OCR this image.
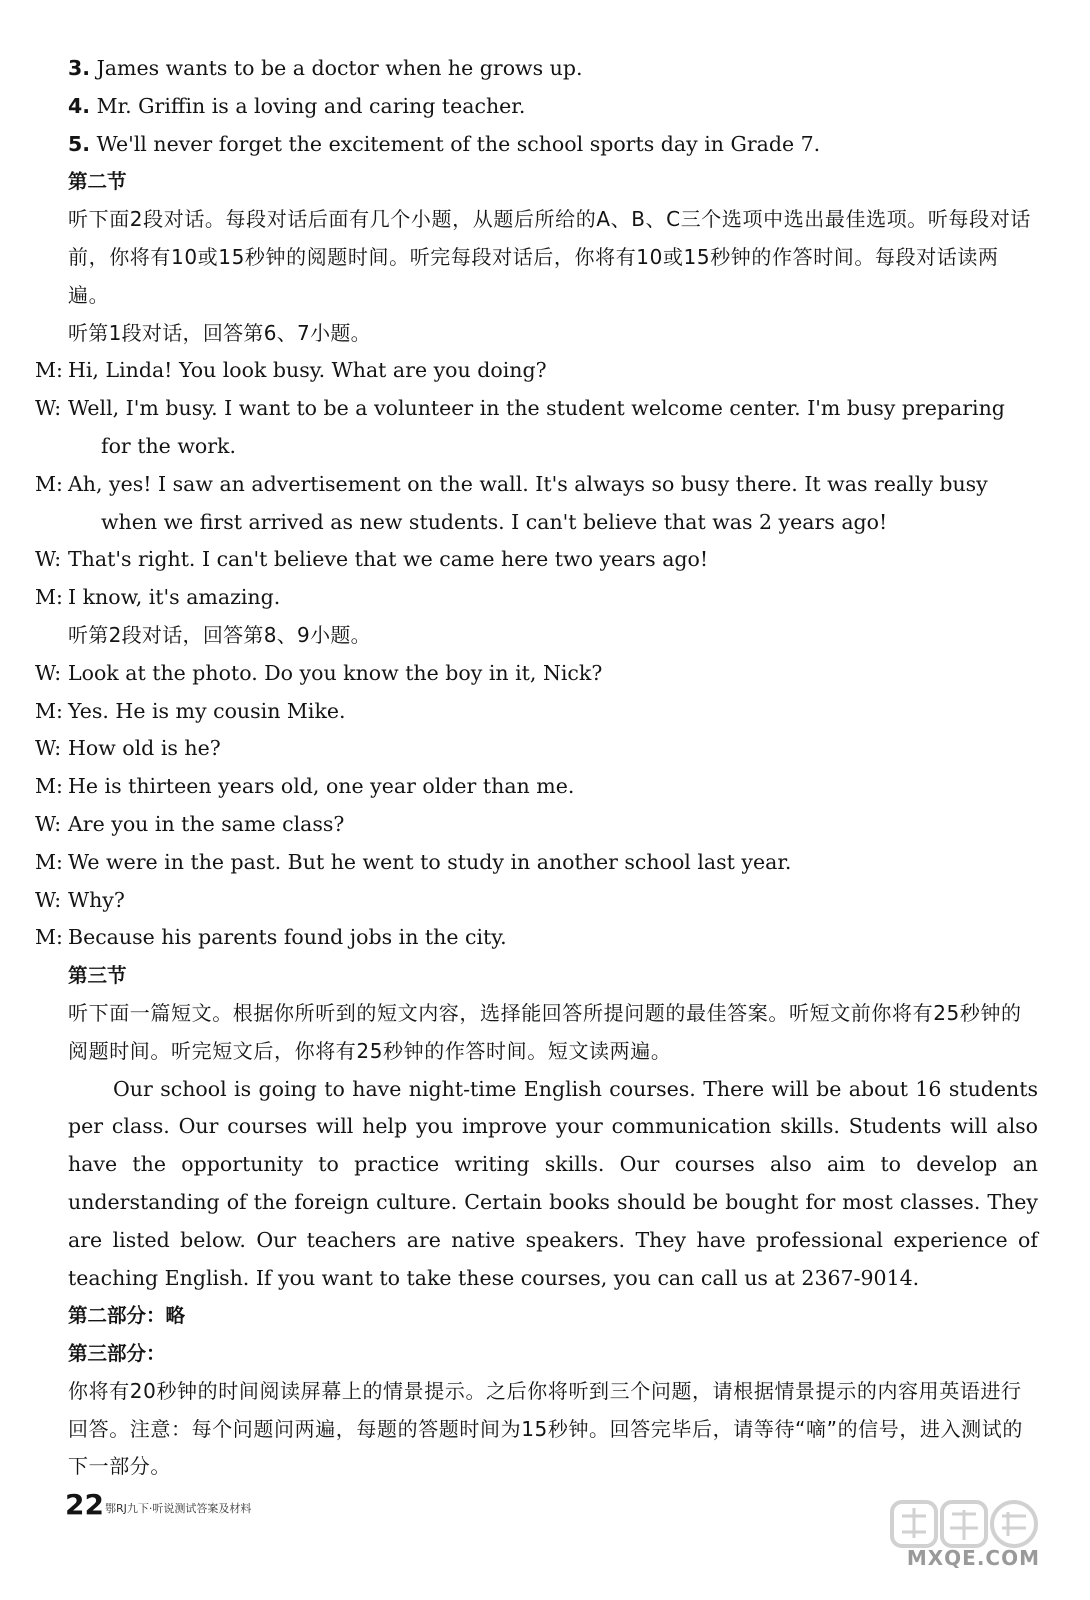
3. James wants to be a doctor when he grows up.
4. Mr. Griffin is a loving and caring teacher.
5. We'll never forget the excitement of the school sports day in Grade 7.
第二节
听下面2段对话。每段对话后面有几个小题，从题后所给的A、B、C三个选项中选出最佳选项。听每段对话前，你将有10或15秒钟的阅题时间。听完每段对话后，你将有10或15秒钟的作答时间。每段对话读两遍。
听第1段对话，回答第6、7小题。
M: Hi, Linda! You look busy. What are you doing?
W: Well, I'm busy. I want to be a volunteer in the student welcome center. I'm busy preparing for the work.
M: Ah, yes! I saw an advertisement on the wall. It's always so busy there. It was really busy when we first arrived as new students. I can't believe that was 2 years ago!
W: That's right. I can't believe that we came here two years ago!
M: I know, it's amazing.
听第2段对话，回答第8、9小题。
W: Look at the photo. Do you know the boy in it, Nick?
M: Yes. He is my cousin Mike.
W: How old is he?
M: He is thirteen years old, one year older than me.
W: Are you in the same class?
M: We were in the past. But he went to study in another school last year.
W: Why?
M: Because his parents found jobs in the city.
第三节
听下面一篇短文。根据你所听到的短文内容，选择能回答所提问题的最佳答案。听短文前你将有25秒钟的阅题时间。听完短文后，你将有25秒钟的作答时间。短文读两遍。
Our school is going to have night-time English courses. There will be about 16 students per class. Our courses will help you improve your communication skills. Students will also have the opportunity to practice writing skills. Our courses also aim to develop an understanding of the foreign culture. Certain books should be bought for most classes. They are listed below. Our teachers are native speakers. They have professional experience of teaching English. If you want to take these courses, you can call us at 2367-9014.
第二部分：略
第三部分：
你将有20秒钟的时间阅读屏幕上的情景提示。之后你将听到三个问题，请根据情景提示的内容用英语进行回答。注意：每个问题问两遍，每题的答题时间为15秒钟。回答完毕后，请等待“嘀”的信号，进入测试的下一部分。
22 鄂RJ九下·听说测试答案及材料
MXQE.COM
